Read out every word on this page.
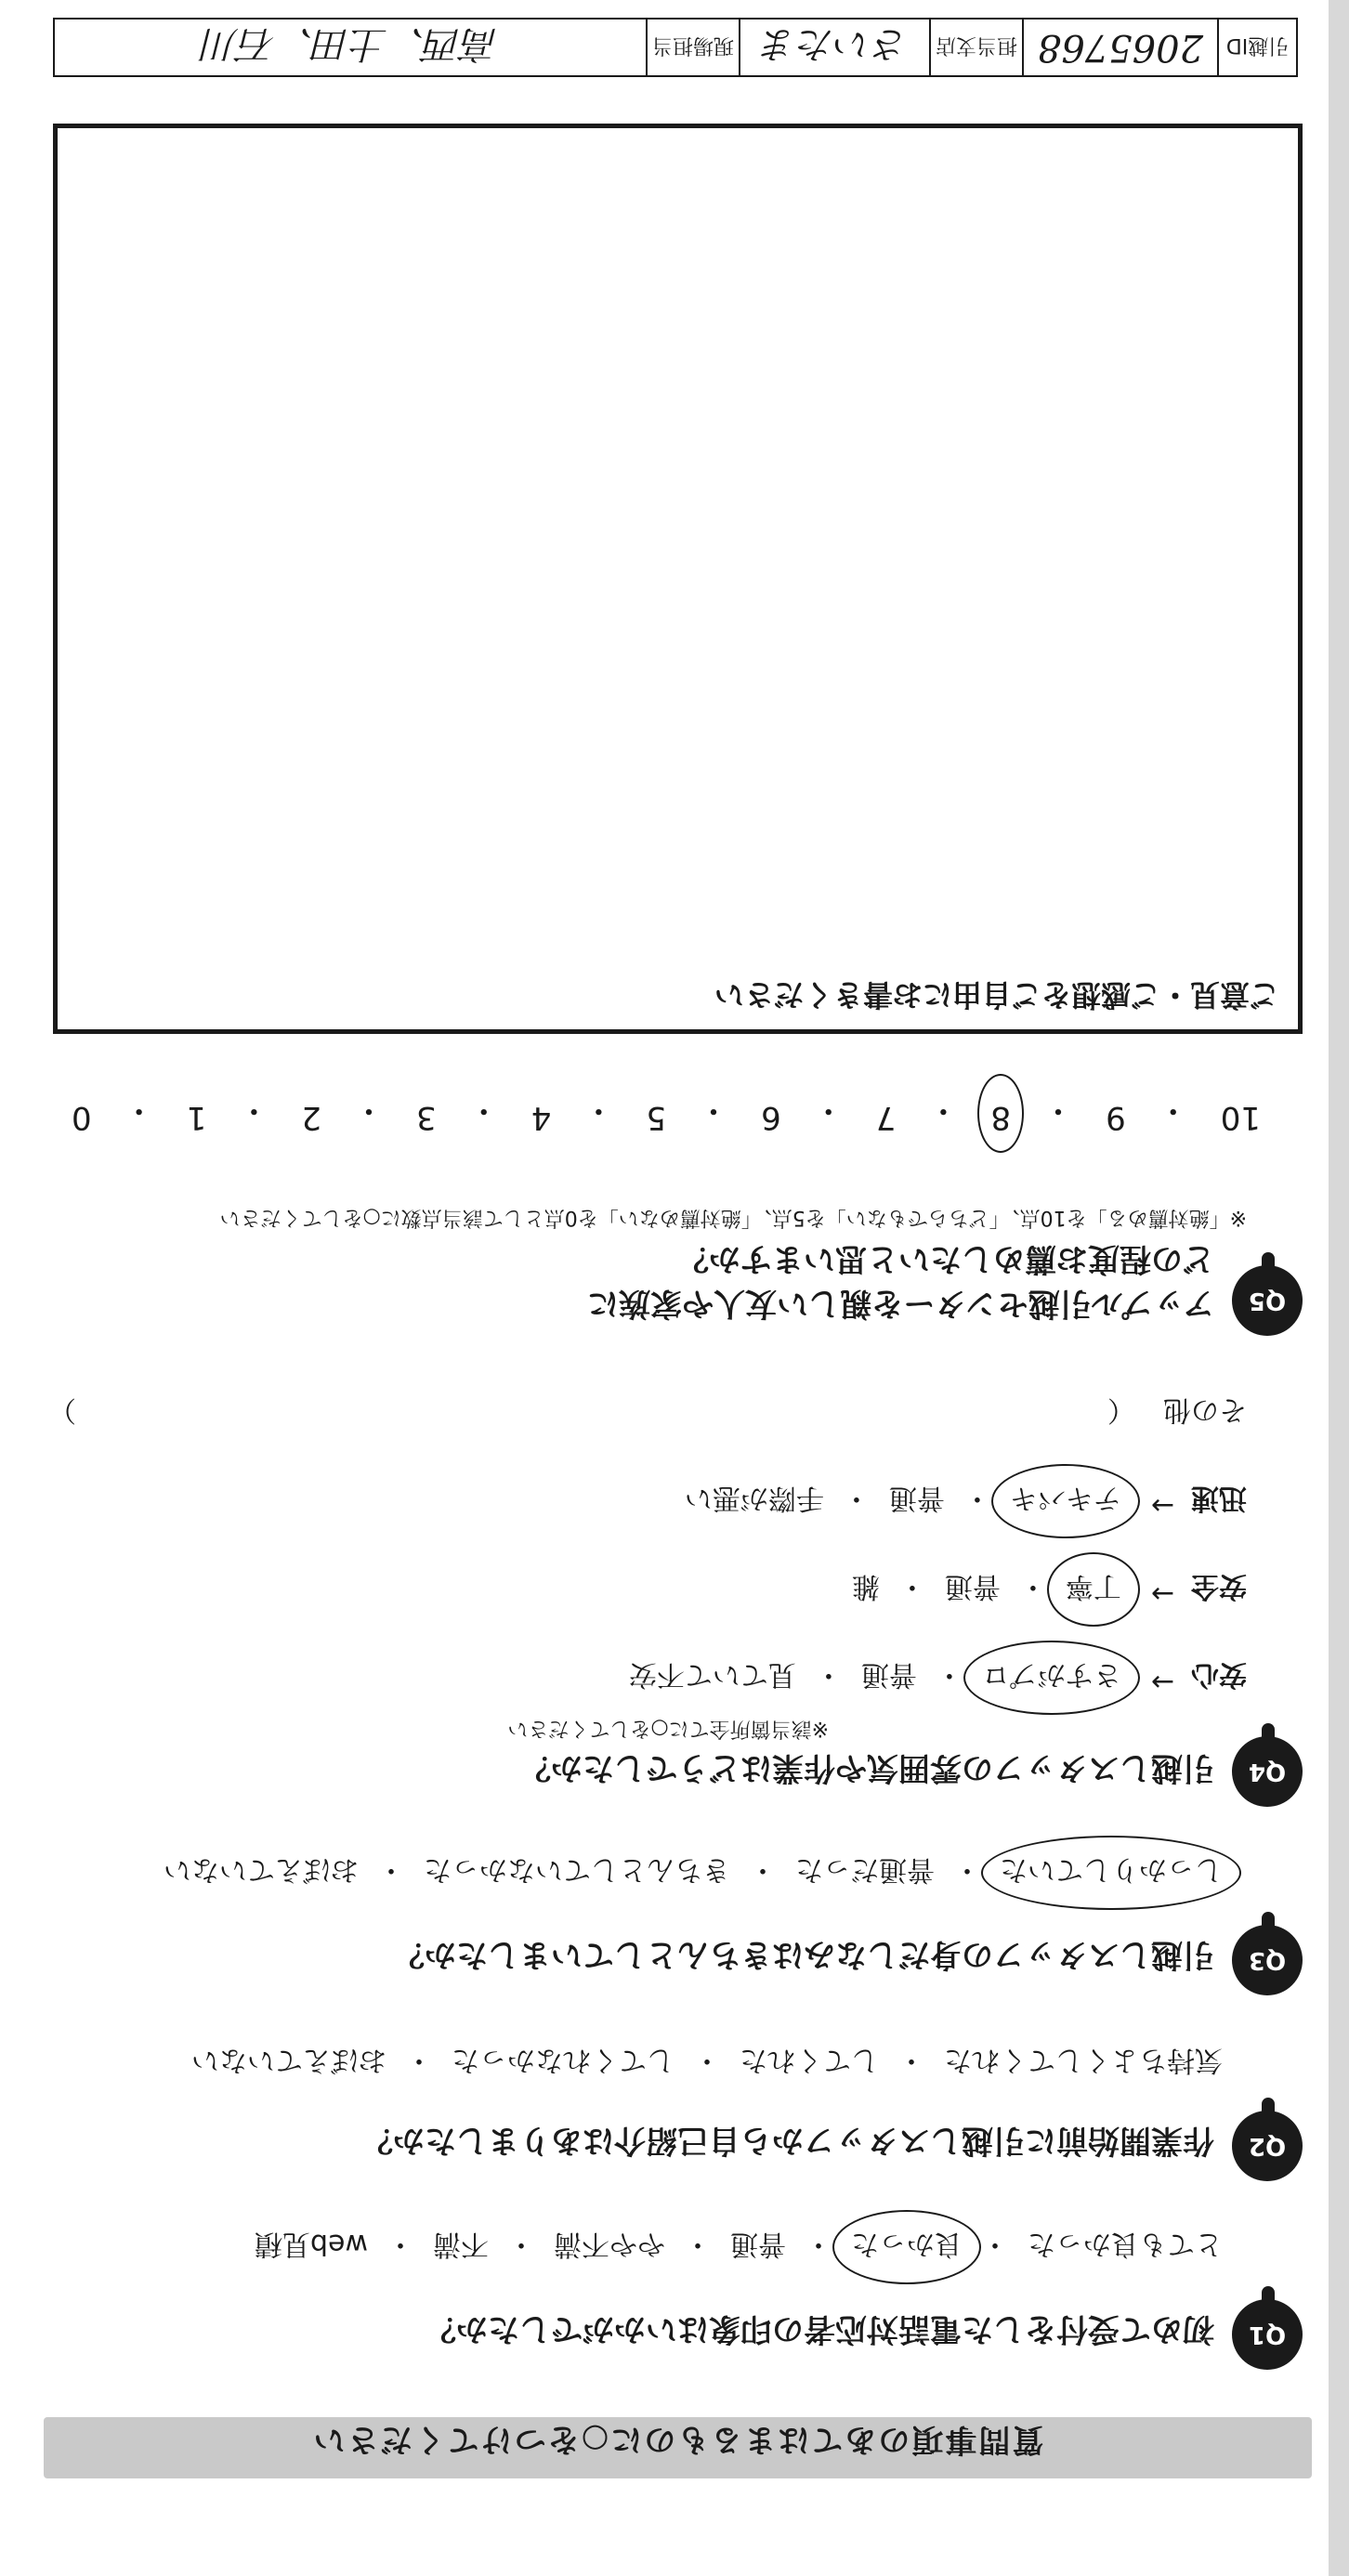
質問事項のあてはまるものに○をつけてください
Q1
初めて受付をした電話対応者の印象はいかがでしたか？
とても良かった
・
良かった
・
普通
・
やや不満
・
不満
・
web見積
Q2
作業開始前に引越しスタッフから自己紹介はありましたか？
気持ちよくしてくれた
・
してくれた
・
してくれなかった
・
おぼえていない
Q3
引越しスタッフの身だしなみはきちんとしていましたか？
しっかりしていた
・
普通だった
・
きちんとしていなかった
・
おぼえていない
Q4
引越しスタッフの雰囲気や作業はどうでしたか？
※該当箇所全てに○をしてください
安心
→
さすがプロ
・
普通
・
見ていて不安
安全
→
丁寧
・
普通
・
雑
迅速
→
テキパキ
・
普通
・
手際が悪い
その他
（
）
Q5
アップル引越センターを親しい友人や家族に
どの程度お薦めしたいと思いますか？
※「絶対薦める」を10点、「どちらでもない」を5点、「絶対薦めない」を0点として該当点数に○をしてください
10
・
9
・
8
・
7
・
6
・
5
・
4
・
3
・
2
・
1
・
0
ご意見・ご感想をご自由にお書きください
引越ID
2065768
担当支店
さいたま
現場担当
高西、土田、石川
